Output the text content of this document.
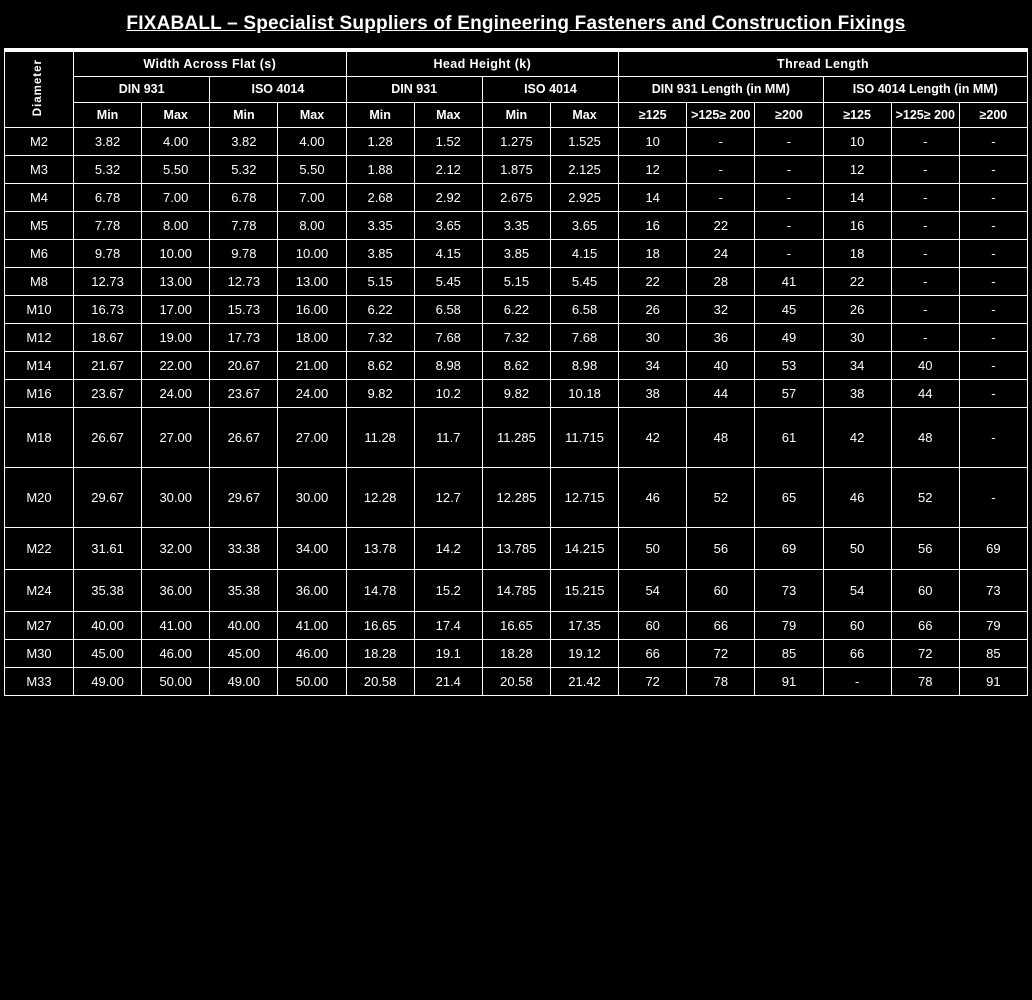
FIXABALL – Specialist Suppliers of Engineering Fasteners and Construction Fixings
Diameter	Width Across Flat (s)				Head Height (k)				Thread Length					
	DIN 931		ISO 4014		DIN 931		ISO 4014		DIN 931 Length (in MM)			ISO 4014 Length (in MM)		
	Min	Max	Min	Max	Min	Max	Min	Max	≥125	>125≥ 200	≥200	≥125	>125≥ 200	≥200
M2	3.82	4.00	3.82	4.00	1.28	1.52	1.275	1.525	10	-	-	10	-	-
M3	5.32	5.50	5.32	5.50	1.88	2.12	1.875	2.125	12	-	-	12	-	-
M4	6.78	7.00	6.78	7.00	2.68	2.92	2.675	2.925	14	-	-	14	-	-
M5	7.78	8.00	7.78	8.00	3.35	3.65	3.35	3.65	16	22	-	16	-	-
M6	9.78	10.00	9.78	10.00	3.85	4.15	3.85	4.15	18	24	-	18	-	-
M8	12.73	13.00	12.73	13.00	5.15	5.45	5.15	5.45	22	28	41	22	-	-
M10	16.73	17.00	15.73	16.00	6.22	6.58	6.22	6.58	26	32	45	26	-	-
M12	18.67	19.00	17.73	18.00	7.32	7.68	7.32	7.68	30	36	49	30	-	-
M14	21.67	22.00	20.67	21.00	8.62	8.98	8.62	8.98	34	40	53	34	40	-
M16	23.67	24.00	23.67	24.00	9.82	10.2	9.82	10.18	38	44	57	38	44	-
M18	26.67	27.00	26.67	27.00	11.28	11.7	11.285	11.715	42	48	61	42	48	-
M20	29.67	30.00	29.67	30.00	12.28	12.7	12.285	12.715	46	52	65	46	52	-
M22	31.61	32.00	33.38	34.00	13.78	14.2	13.785	14.215	50	56	69	50	56	69
M24	35.38	36.00	35.38	36.00	14.78	15.2	14.785	15.215	54	60	73	54	60	73
M27	40.00	41.00	40.00	41.00	16.65	17.4	16.65	17.35	60	66	79	60	66	79
M30	45.00	46.00	45.00	46.00	18.28	19.1	18.28	19.12	66	72	85	66	72	85
M33	49.00	50.00	49.00	50.00	20.58	21.4	20.58	21.42	72	78	91	-	78	91
